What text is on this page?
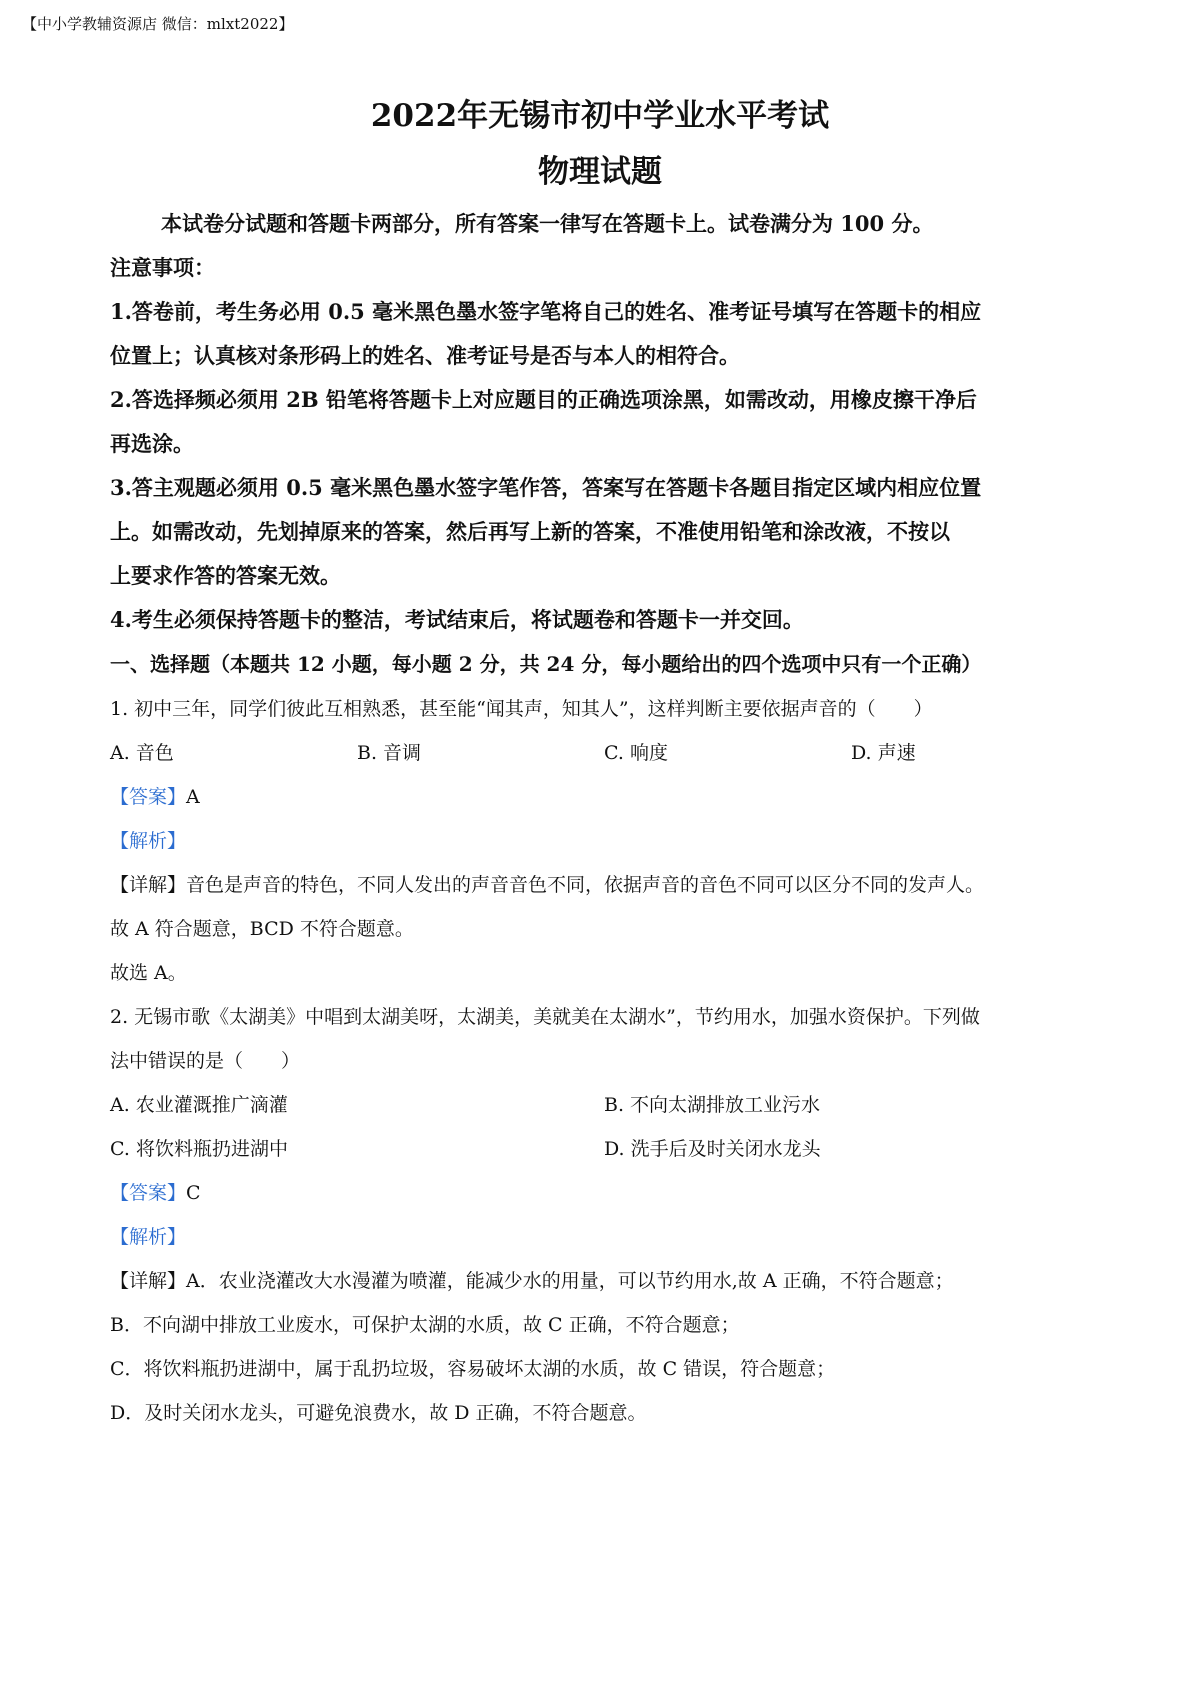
【中小学教辅资源店 微信：mlxt2022】
2022年无锡市初中学业水平考试
物理试题
本试卷分试题和答题卡两部分，所有答案一律写在答题卡上。试卷满分为 100 分。
注意事项：
1.答卷前，考生务必用 0.5 毫米黑色墨水签字笔将自己的姓名、准考证号填写在答题卡的相应
位置上；认真核对条形码上的姓名、准考证号是否与本人的相符合。
2.答选择频必须用 2B 铅笔将答题卡上对应题目的正确选项涂黑，如需改动，用橡皮擦干净后
再选涂。
3.答主观题必须用 0.5 毫米黑色墨水签字笔作答，答案写在答题卡各题目指定区域内相应位置
上。如需改动，先划掉原来的答案，然后再写上新的答案，不准使用铅笔和涂改液，不按以
上要求作答的答案无效。
4.考生必须保持答题卡的整洁，考试结束后，将试题卷和答题卡一并交回。
一、选择题（本题共 12 小题，每小题 2 分，共 24 分，每小题给出的四个选项中只有一个正确）
1. 初中三年，同学们彼此互相熟悉，甚至能“闻其声，知其人”，这样判断主要依据声音的（　　）
A. 音色	B. 音调	C. 响度	D. 声速
【答案】A
【解析】
【详解】音色是声音的特色，不同人发出的声音音色不同，依据声音的音色不同可以区分不同的发声人。
故 A 符合题意，BCD 不符合题意。
故选 A。
2. 无锡市歌《太湖美》中唱到太湖美呀，太湖美，美就美在太湖水”，节约用水，加强水资保护。下列做
法中错误的是（　　）
A. 农业灌溉推广滴灌	B. 不向太湖排放工业污水
C. 将饮料瓶扔进湖中	D. 洗手后及时关闭水龙头
【答案】C
【解析】
【详解】A．农业浇灌改大水漫灌为喷灌，能减少水的用量，可以节约用水,故 A 正确，不符合题意；
B．不向湖中排放工业废水，可保护太湖的水质，故 C 正确，不符合题意；
C．将饮料瓶扔进湖中，属于乱扔垃圾，容易破坏太湖的水质，故 C 错误，符合题意；
D．及时关闭水龙头，可避免浪费水，故 D 正确，不符合题意。
